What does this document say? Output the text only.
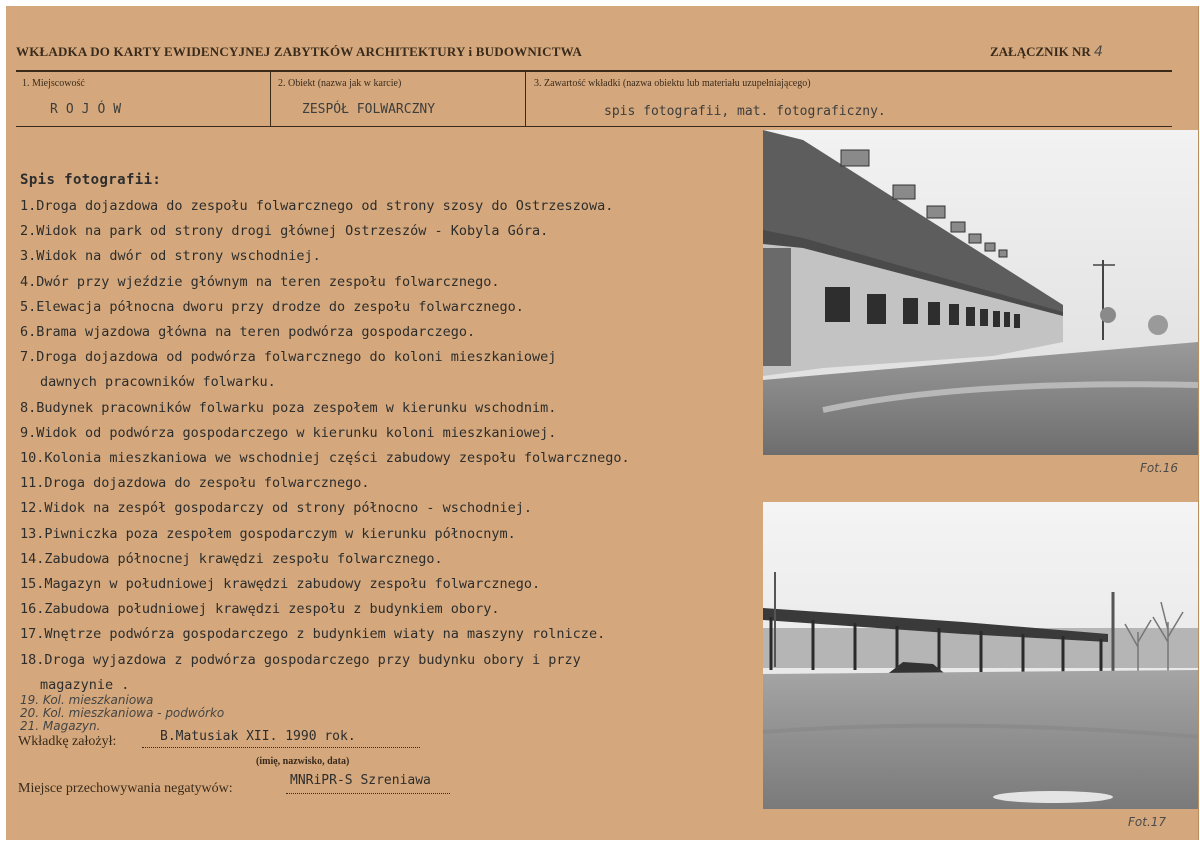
WKŁADKA DO KARTY EWIDENCYJNEJ ZABYTKÓW ARCHITEKTURY i BUDOWNICTWA	ZAŁĄCZNIK NR 4
1. Miejscowość
ROJÓW
2. Obiekt (nazwa jak w karcie)
ZESPÓŁ FOLWARCZNY
3. Zawartość wkładki (nazwa obiektu lub materiału uzupełniającego)
spis fotografii, mat. fotograficzny.
Spis fotografii:
1.Droga dojazdowa do zespołu folwarcznego od strony szosy do Ostrzeszowa.
2.Widok na park od strony drogi głównej Ostrzeszów - Kobyla Góra.
3.Widok na dwór od strony wschodniej.
4.Dwór przy wjeździe głównym na teren zespołu folwarcznego.
5.Elewacja północna dworu przy drodze do zespołu folwarcznego.
6.Brama wjazdowa główna na teren podwórza gospodarczego.
7.Droga dojazdowa od podwórza folwarcznego do koloni mieszkaniowej
dawnych pracowników folwarku.
8.Budynek pracowników folwarku poza zespołem w kierunku wschodnim.
9.Widok od podwórza gospodarczego w kierunku koloni mieszkaniowej.
10.Kolonia mieszkaniowa we wschodniej części zabudowy zespołu folwarcznego.
11.Droga dojazdowa do zespołu folwarcznego.
12.Widok na zespół gospodarczy od strony północno - wschodniej.
13.Piwniczka poza zespołem gospodarczym w kierunku północnym.
14.Zabudowa północnej krawędzi zespołu folwarcznego.
15.Magazyn w południowej krawędzi zabudowy zespołu folwarcznego.
16.Zabudowa południowej krawędzi zespołu z budynkiem obory.
17.Wnętrze podwórza gospodarczego z budynkiem wiaty na maszyny rolnicze.
18.Droga wyjazdowa z podwórza gospodarczego przy budynku obory i przy
magazynie .
19. Kol. mieszkaniowa
20. Kol. mieszkaniowa - podwórko
21. Magazyn.
Wkładkę założył:	B.Matusiak XII. 1990 rok.
(imię, nazwisko, data)
Miejsce przechowywania negatywów:
MNRiPR-S Szreniawa
Fot.16
Fot.17
